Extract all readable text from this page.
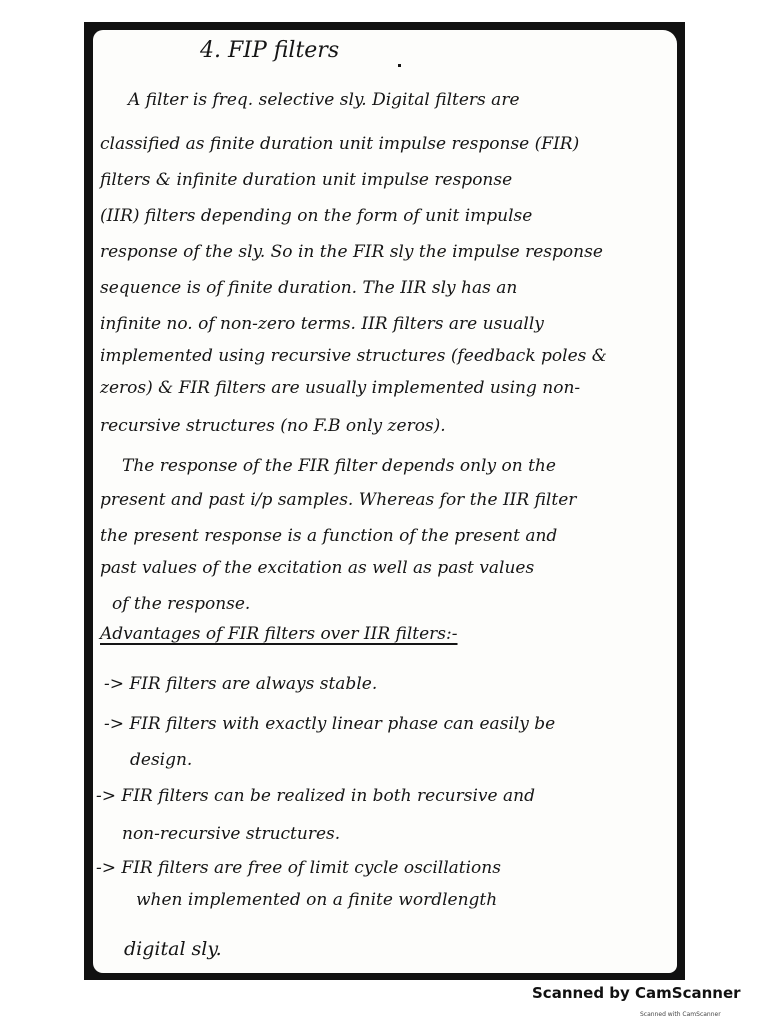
4. FIP filters
A filter is freq. selective sly. Digital filters are
classified as finite duration unit impulse response (FIR)
filters & infinite duration unit impulse response
(IIR) filters depending on the form of unit impulse
response of the sly. So in the FIR sly the impulse response
sequence is of finite duration. The IIR sly has an
infinite no. of non-zero terms. IIR filters are usually
implemented using recursive structures (feedback poles &
zeros) & FIR filters are usually implemented using non-
recursive structures (no F.B only zeros).
The response of the FIR filter depends only on the
present and past i/p samples. Whereas for the IIR filter
the present response is a function of the present and
past values of the excitation as well as past values
of the response.
Advantages of FIR filters over IIR filters:-
-> FIR filters are always stable.
-> FIR filters with exactly linear phase can easily be
design.
-> FIR filters can be realized in both recursive and
non-recursive structures.
-> FIR filters are free of limit cycle oscillations
when implemented on a finite wordlength
digital sly.
Scanned by CamScanner
Scanned with CamScanner
